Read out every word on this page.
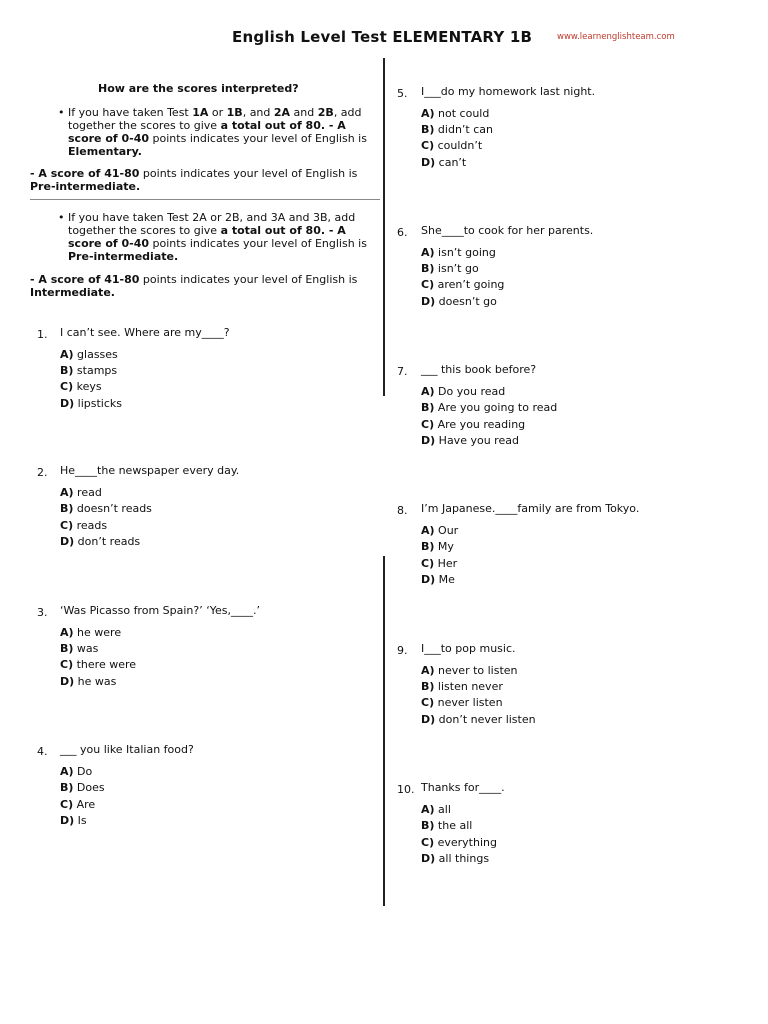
English Level Test ELEMENTARY 1B	www.learnenglishteam.com
How are the scores interpreted?
• If you have taken Test 1A or 1B, and 2A and 2B, add together the scores to give a total out of 80. - A score of 0-40 points indicates your level of English is Elementary.
- A score of 41-80 points indicates your level of English is Pre-intermediate.
• If you have taken Test 2A or 2B, and 3A and 3B, add together the scores to give a total out of 80. - A score of 0-40 points indicates your level of English is Pre-intermediate.
- A score of 41-80 points indicates your level of English is Intermediate.
1.	I can’t see. Where are my____?
A) glasses
B) stamps
C) keys
D) lipsticks
2.	He____the newspaper every day.
A) read
B) doesn’t reads
C) reads
D) don’t reads
3.	‘Was Picasso from Spain?’ ‘Yes,____.’
A) he were
B) was
C) there were
D) he was
4.	___ you like Italian food?
A) Do
B) Does
C) Are
D) Is
5.	I___do my homework last night.
A) not could
B) didn’t can
C) couldn’t
D) can’t
6.	She____to cook for her parents.
A) isn’t going
B) isn’t go
C) aren’t going
D) doesn’t go
7.	___ this book before?
A) Do you read
B) Are you going to read
C) Are you reading
D) Have you read
8.	I’m Japanese.____family are from Tokyo.
A) Our
B) My
C) Her
D) Me
9.	I___to pop music.
A) never to listen
B) listen never
C) never listen
D) don’t never listen
10. Thanks for____.
A) all
B) the all
C) everything
D) all things
